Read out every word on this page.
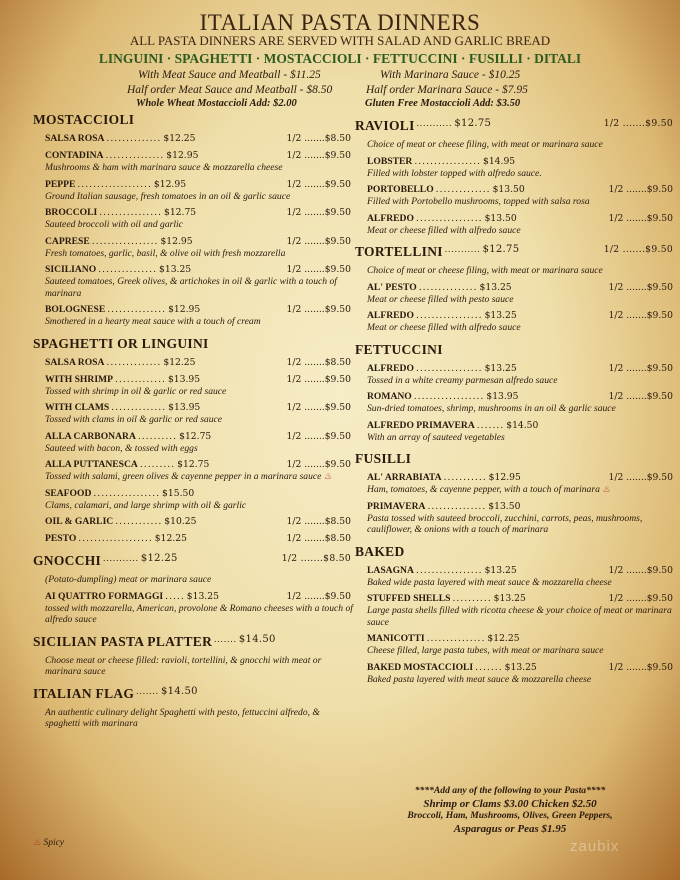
ITALIAN PASTA DINNERS
ALL PASTA DINNERS ARE SERVED WITH SALAD AND GARLIC BREAD
LINGUINI · SPAGHETTI · MOSTACCIOLI · FETTUCCINI · FUSILLI · DITALI
With Meat Sauce and Meatball - $11.25
Half order Meat Sauce and Meatball - $8.50
Whole Wheat Mostaccioli Add: $2.00
With Marinara Sauce - $10.25
Half order Marinara Sauce - $7.95
Gluten Free Mostaccioli Add: $3.50
MOSTACCIOLI
SALSA ROSA .............. $12.25	1/2 .......$8.50
CONTADINA ............... $12.95	1/2 .......$9.50
Mushrooms & ham with marinara sauce & mozzarella cheese
PEPPE ................... $12.95	1/2 .......$9.50
Ground Italian sausage, fresh tomatoes in an oil & garlic sauce
BROCCOLI ................ $12.75	1/2 .......$9.50
Sauteed broccoli with oil and garlic
CAPRESE ................. $12.95	1/2 .......$9.50
Fresh tomatoes, garlic, basil, & olive oil with fresh mozzarella
SICILIANO ............... $13.25	1/2 .......$9.50
Sauteed tomatoes, Greek olives, & artichokes in oil & garlic with a touch of marinara
BOLOGNESE ............... $12.95	1/2 .......$9.50
Smothered in a hearty meat sauce with a touch of cream
SPAGHETTI OR LINGUINI
SALSA ROSA .............. $12.25	1/2 .......$8.50
WITH SHRIMP ............. $13.95	1/2 .......$9.50
Tossed with shrimp in oil & garlic or red sauce
WITH CLAMS .............. $13.95	1/2 .......$9.50
Tossed with clams in oil & garlic or red sauce
ALLA CARBONARA .......... $12.75	1/2 .......$9.50
Sauteed with bacon, & tossed with eggs
ALLA PUTTANESCA ......... $12.75	1/2 .......$9.50
Tossed with salami, green olives & cayenne pepper in a marinara sauce ♨
SEAFOOD ................. $15.50
Clams, calamari, and large shrimp with oil & garlic
OIL & GARLIC ............ $10.25	1/2 .......$8.50
PESTO ................... $12.25	1/2 .......$8.50
GNOCCHI ........... $12.25	1/2 .......$8.50
(Potato-dumpling) meat or marinara sauce
AI QUATTRO FORMAGGI ..... $13.25	1/2 .......$9.50
tossed with mozzarella, American, provolone & Romano cheeses with a touch of alfredo sauce
SICILIAN PASTA PLATTER ....... $14.50
Choose meat or cheese filled: ravioli, tortellini, & gnocchi with meat or marinara sauce
ITALIAN FLAG ....... $14.50
An authentic culinary delight Spaghetti with pesto, fettuccini alfredo, & spaghetti with marinara
RAVIOLI ........... $12.75	1/2 .......$9.50
Choice of meat or cheese filing, with meat or marinara sauce
LOBSTER ................. $14.95
Filled with lobster topped with alfredo sauce.
PORTOBELLO .............. $13.50	1/2 .......$9.50
Filled with Portobello mushrooms, topped with salsa rosa
ALFREDO ................. $13.50	1/2 .......$9.50
Meat or cheese filled with alfredo sauce
TORTELLINI ........... $12.75	1/2 .......$9.50
Choice of meat or cheese filing, with meat or marinara sauce
AL' PESTO ............... $13.25	1/2 .......$9.50
Meat or cheese filled with pesto sauce
ALFREDO ................. $13.25	1/2 .......$9.50
Meat or cheese filled with alfredo sauce
FETTUCCINI
ALFREDO ................. $13.25	1/2 .......$9.50
Tossed in a white creamy parmesan alfredo sauce
ROMANO .................. $13.95	1/2 .......$9.50
Sun-dried tomatoes, shrimp, mushrooms in an oil & garlic sauce
ALFREDO PRIMAVERA ....... $14.50
With an array of sauteed vegetables
FUSILLI
AL' ARRABIATA ........... $12.95	1/2 .......$9.50
Ham, tomatoes, & cayenne pepper, with a touch of marinara ♨
PRIMAVERA ............... $13.50
Pasta tossed with sauteed broccoli, zucchini, carrots, peas, mushrooms, cauliflower, & onions with a touch of marinara
BAKED
LASAGNA ................. $13.25	1/2 .......$9.50
Baked wide pasta layered with meat sauce & mozzarella cheese
STUFFED SHELLS .......... $13.25	1/2 .......$9.50
Large pasta shells filled with ricotta cheese & your choice of meat or marinara sauce
MANICOTTI ............... $12.25
Cheese filled, large pasta tubes, with meat or marinara sauce
BAKED MOSTACCIOLI ....... $13.25	1/2 .......$9.50
Baked pasta layered with meat sauce & mozzarella cheese
****Add any of the following to your Pasta****
Shrimp or Clams $3.00 Chicken $2.50
Broccoli, Ham, Mushrooms, Olives, Green Peppers,
Asparagus or Peas $1.95
♨ Spicy	zaubix
